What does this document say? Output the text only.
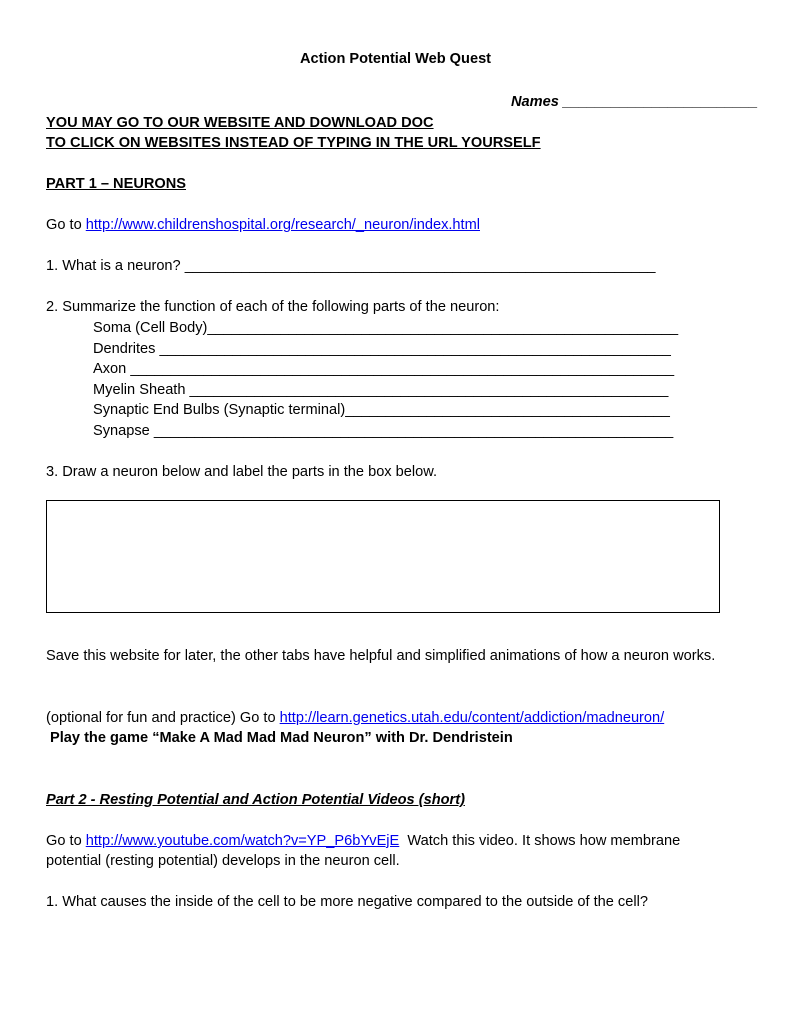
Action Potential Web Quest
Names ________________________
YOU MAY GO TO OUR WEBSITE AND DOWNLOAD DOC
TO CLICK ON WEBSITES INSTEAD OF TYPING IN THE URL YOURSELF
PART 1 – NEURONS
Go to http://www.childrenshospital.org/research/_neuron/index.html
1. What is a neuron? __________________________________________________________
2. Summarize the function of each of the following parts of the neuron:
Soma (Cell Body)__________________________________________________________
Dendrites _______________________________________________________________
Axon ___________________________________________________________________
Myelin Sheath ___________________________________________________________
Synaptic End Bulbs (Synaptic terminal)________________________________________
Synapse ________________________________________________________________
3. Draw a neuron below and label the parts in the box below.
Save this website for later, the other tabs have helpful and simplified animations of how a neuron works.
(optional for fun and practice) Go to http://learn.genetics.utah.edu/content/addiction/madneuron/
Play the game “Make A Mad Mad Mad Neuron” with Dr. Dendristein
Part 2 - Resting Potential and Action Potential Videos (short)
Go to http://www.youtube.com/watch?v=YP_P6bYvEjE  Watch this video. It shows how membrane
potential (resting potential) develops in the neuron cell.
1. What causes the inside of the cell to be more negative compared to the outside of the cell?
